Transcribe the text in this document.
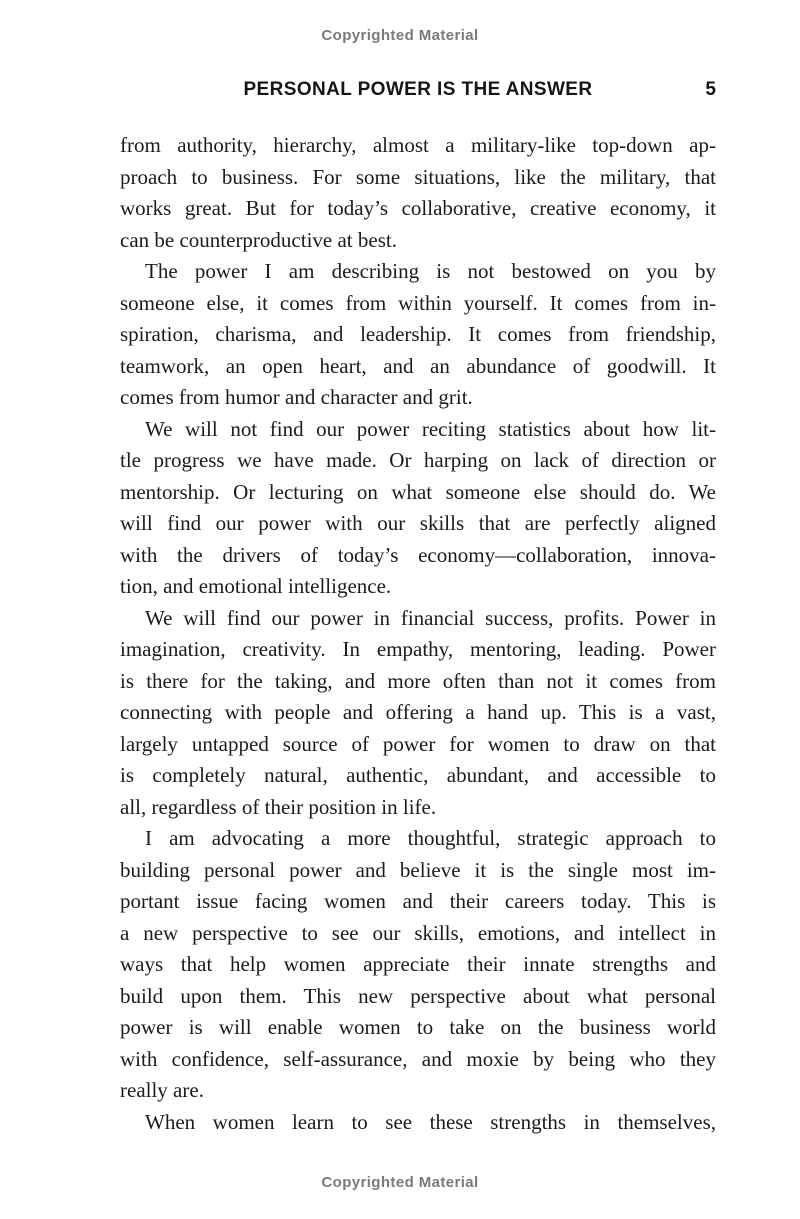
Copyrighted Material
PERSONAL POWER IS THE ANSWER	5
from authority, hierarchy, almost a military-like top-down ap-
proach to business. For some situations, like the military, that
works great. But for today’s collaborative, creative economy, it
can be counterproductive at best.
The power I am describing is not bestowed on you by
someone else, it comes from within yourself. It comes from in-
spiration, charisma, and leadership. It comes from friendship,
teamwork, an open heart, and an abundance of goodwill. It
comes from humor and character and grit.
We will not find our power reciting statistics about how lit-
tle progress we have made. Or harping on lack of direction or
mentorship. Or lecturing on what someone else should do. We
will find our power with our skills that are perfectly aligned
with the drivers of today’s economy—collaboration, innova-
tion, and emotional intelligence.
We will find our power in financial success, profits. Power in
imagination, creativity. In empathy, mentoring, leading. Power
is there for the taking, and more often than not it comes from
connecting with people and offering a hand up. This is a vast,
largely untapped source of power for women to draw on that
is completely natural, authentic, abundant, and accessible to
all, regardless of their position in life.
I am advocating a more thoughtful, strategic approach to
building personal power and believe it is the single most im-
portant issue facing women and their careers today. This is
a new perspective to see our skills, emotions, and intellect in
ways that help women appreciate their innate strengths and
build upon them. This new perspective about what personal
power is will enable women to take on the business world
with confidence, self-assurance, and moxie by being who they
really are.
When women learn to see these strengths in themselves,
Copyrighted Material
